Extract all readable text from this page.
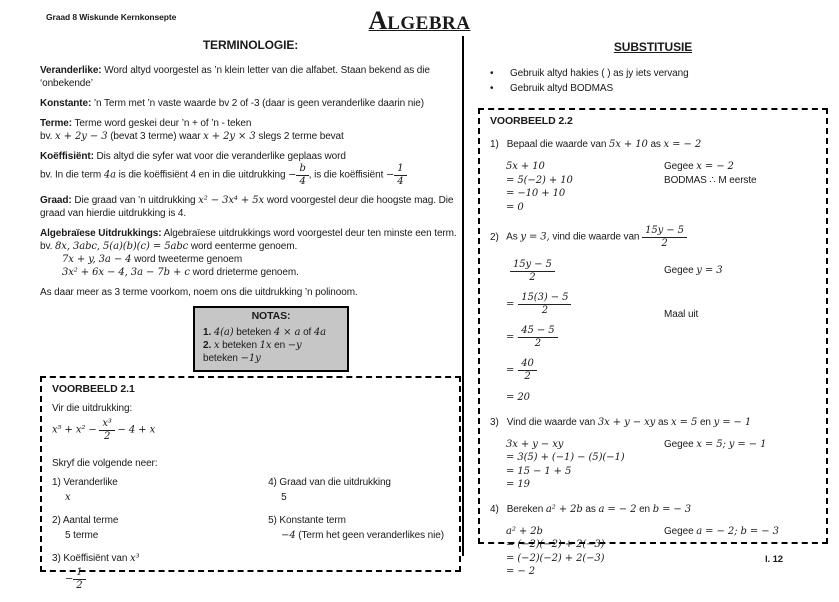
Graad 8 Wiskunde Kernkonsepte	ALGEBRA
TERMINOLOGIE:

Veranderlike: Word altyd voorgestel as ’n klein letter van die alfabet. Staan bekend as die ‘onbekende’

Konstante: ’n Term met ’n vaste waarde bv 2 of -3 (daar is geen veranderlike daarin nie)

Terme: Terme word geskei deur ’n + of ’n - teken
bv. x + 2y − 3 (bevat 3 terme) waar x + 2y × 3 slegs 2 terme bevat

Koëffisiënt: Dis altyd die syfer wat voor die veranderlike geplaas word
bv. In die term 4a is die koëffisiënt 4 en in die uitdrukking − $\frac{b}{4}$ , is die koëffisiënt − $\frac{1}{4}$

Graad: Die graad van ’n uitdrukking x² − 3x⁴ + 5x word voorgestel deur die hoogste mag. Die graad van hierdie uitdrukking is 4.

Algebraïese Uitdrukkings: Algebraïese uitdrukkings word voorgestel deur ten minste een term.
bv. 8x, 3abc, 5(a)(b)(c) = 5abc word eenterme genoem.
7x + y, 3a − 4 word tweeterme genoem
3x² + 6x − 4, 3a − 7b + c word drieterme genoem.

As daar meer as 3 terme voorkom, noem ons die uitdrukking ’n polinoom.

NOTAS:
1. 4(a) beteken 4 × a of 4a
2. x beteken 1x en −y beteken −1y
VOORBEELD 2.1
Vir die uitdrukking:
$x^5 + x^2 - \frac{\text{x³}}{2} - 4 + x$
Skryf die volgende neer:
1) Veranderlike
x
4) Graad van die uitdrukking
5
2) Aantal terme
5 terme
5) Konstante term
−4 (Term het geen veranderlikes nie)
3) Koëffisiënt van x³
− $\frac{1}{2}$
SUBSTITUSIE
• Gebruik altyd hakies ( ) as jy iets vervang
• Gebruik altyd BODMAS
VOORBEELD 2.2
1) Bepaal die waarde van 5x + 10 as x = − 2
5x + 10
= 5(−2) + 10
= −10 + 10
= 0
Gegee x = − 2
BODMAS ∴ M eerste
2) As y = 3, vind die waarde van $\frac{15y - 5}{2}$
$\frac{15y - 5}{2}$
= $\frac{15(3) - 5}{2}$
= $\frac{45 - 5}{2}$
= $\frac{40}{2}$
= 20
Gegee y = 3
Maal uit
3) Vind die waarde van 3x + y − xy as x = 5 en y = − 1
3x + y − xy
= 3(5) + (−1) − (5)(−1)
= 15 − 1 + 5
= 19
Gegee x = 5; y = − 1
4) Bereken a² + 2b as a = − 2 en b = − 3
a² + 2b
= (−2)(−2) + 2(−3)
= (−2)(−2) + 2(−3)
= − 2
Gegee a = − 2; b = − 3
l. 12
